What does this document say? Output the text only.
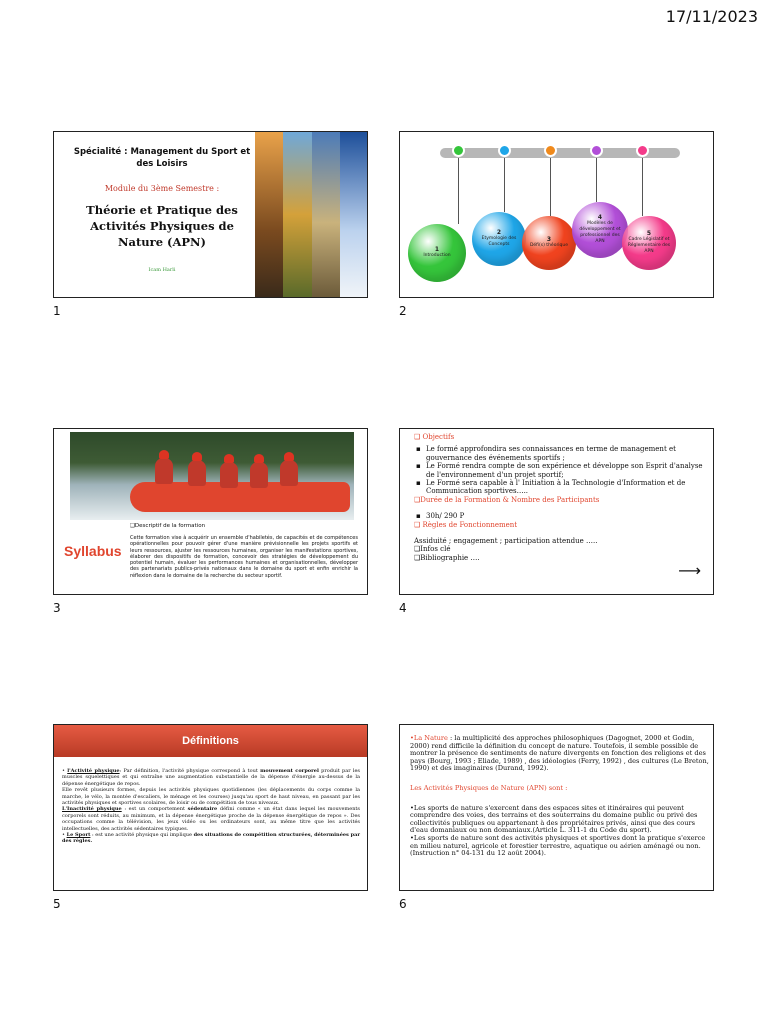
17/11/2023
Spécialité : Management du Sport et des Loisirs
Module du 3ème Semestre :
Théorie et Pratique des Activités Physiques de Nature (APN)
Icam Harli
1
1
Introduction
2
Etymologie des Concepts
3
Défi(s) théorique
4
Modèles de développement et professionnel des APN
5
Cadre Législatif et Réglementaire des APN
2
Syllabus
❑Descriptif de la formation
Cette formation vise à acquérir un ensemble d'habiletés, de capacités et de compétences opérationnelles pour pouvoir gérer d'une manière prévisionnelle les projets sportifs et leurs ressources, ajuster les ressources humaines, organiser les manifestations sportives, élaborer des dispositifs de formation, concevoir des stratégies de développement du potentiel humain, évaluer les performances humaines et organisationnelles, développer des partenariats publics-privés nationaux dans le domaine du sport et enfin enrichir la réflexion dans le domaine de la recherche du secteur sportif.
3
❑ Objectifs
▪ Le formé approfondira ses connaissances en terme de management et gouvernance des événements sportifs ;
▪ Le Formé rendra compte de son expérience et développe son Esprit d'analyse de l'environnement d'un projet sportif;
▪ Le Formé sera capable à l' Initiation à la Technologie d'Information et de Communication sportives…..
❑Durée de la Formation & Nombre des Participants
▪ 30h/ 290 P
❑ Règles de Fonctionnement
Assiduité ; engagement ; participation attendue …..
❑Infos clé
❑Bibliographie ….
⟶
4
Définitions
• l'Activité physique: Par définition, l'activité physique correspond à tout mouvement corporel produit par les muscles squelettiques et qui entraîne une augmentation substantielle de la dépense d'énergie au-dessus de la dépense énergétique de repos.
Elle revêt plusieurs formes, depuis les activités physiques quotidiennes (les déplacements du corps comme la marche, le vélo, la montée d'escaliers, le ménage et les courses) jusqu'au sport de haut niveau, en passant par les activités physiques et sportives scolaires, de loisir ou de compétition de tous niveaux.
L'Inactivité physique : est un comportement sédentaire défini comme « un état dans lequel les mouvements corporels sont réduits, au minimum, et la dépense énergétique proche de la dépense énergétique de repos ». Des occupations comme la télévision, les jeux vidéo ou les ordinateurs sont, au même titre que les activités intellectuelles, des activités sédentaires typiques.
• Le Sport : est une activité physique qui implique des situations de compétition structurées, déterminées par des règles.
5
•La Nature : la multiplicité des approches philosophiques (Dagognet, 2000 et Godin, 2000) rend difficile la définition du concept de nature. Toutefois, il semble possible de montrer la présence de sentiments de nature divergents en fonction des religions et des pays (Bourg, 1993 ; Eliade, 1989) , des idéologies (Ferry, 1992) , des cultures (Le Breton, 1990) et des imaginaires (Durand, 1992).
Les Activités Physiques de Nature (APN) sont :
•Les sports de nature s'exercent dans des espaces sites et itinéraires qui peuvent comprendre des voies, des terrains et des souterrains du domaine public ou privé des collectivités publiques ou appartenant à des propriétaires privés, ainsi que des cours d'eau domaniaux ou non domaniaux.(Article L. 311-1 du Code du sport).
•Les sports de nature sont des activités physiques et sportives dont la pratique s'exerce en milieu naturel, agricole et forestier terrestre, aquatique ou aérien aménagé ou non. (Instruction n° 04-131 du 12 août 2004).
6
